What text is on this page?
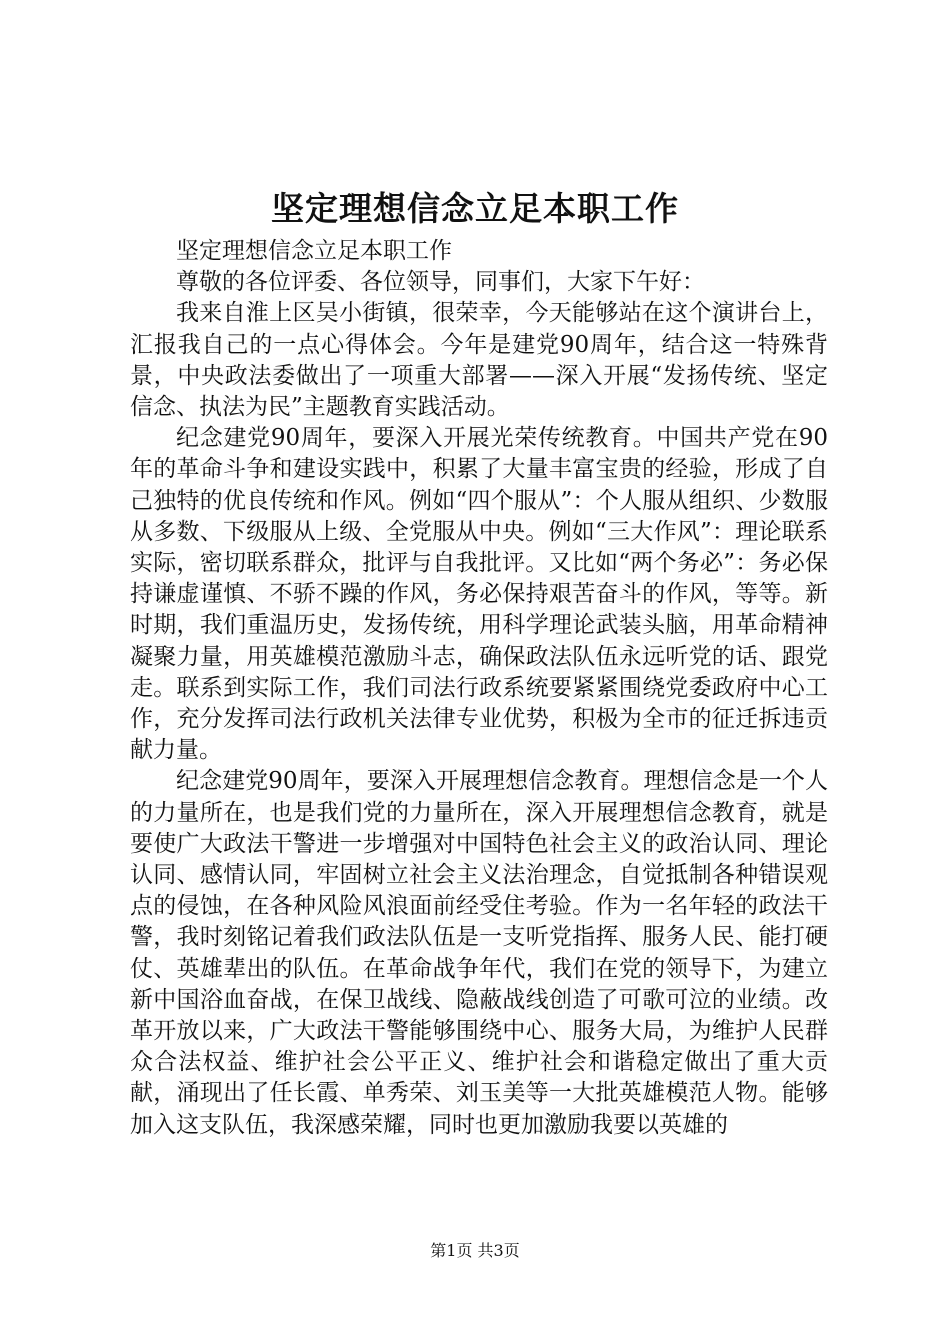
坚定理想信念立足本职工作

坚定理想信念立足本职工作

尊敬的各位评委、各位领导，同事们，大家下午好：

我来自淮上区吴小街镇，很荣幸，今天能够站在这个演讲台上，汇报我自己的一点心得体会。今年是建党90周年，结合这一特殊背景，中央政法委做出了一项重大部署——深入开展“发扬传统、坚定信念、执法为民”主题教育实践活动。

纪念建党90周年，要深入开展光荣传统教育。中国共产党在90年的革命斗争和建设实践中，积累了大量丰富宝贵的经验，形成了自己独特的优良传统和作风。例如“四个服从”：个人服从组织、少数服从多数、下级服从上级、全党服从中央。例如“三大作风”：理论联系实际，密切联系群众，批评与自我批评。又比如“两个务必”：务必保持谦虚谨慎、不骄不躁的作风，务必保持艰苦奋斗的作风，等等。新时期，我们重温历史，发扬传统，用科学理论武装头脑，用革命精神凝聚力量，用英雄模范激励斗志，确保政法队伍永远听党的话、跟党走。联系到实际工作，我们司法行政系统要紧紧围绕党委政府中心工作，充分发挥司法行政机关法律专业优势，积极为全市的征迁拆违贡献力量。

纪念建党90周年，要深入开展理想信念教育。理想信念是一个人的力量所在，也是我们党的力量所在，深入开展理想信念教育，就是要使广大政法干警进一步增强对中国特色社会主义的政治认同、理论认同、感情认同，牢固树立社会主义法治理念，自觉抵制各种错误观点的侵蚀，在各种风险风浪面前经受住考验。作为一名年轻的政法干警，我时刻铭记着我们政法队伍是一支听党指挥、服务人民、能打硬仗、英雄辈出的队伍。在革命战争年代，我们在党的领导下，为建立新中国浴血奋战，在保卫战线、隐蔽战线创造了可歌可泣的业绩。改革开放以来，广大政法干警能够围绕中心、服务大局，为维护人民群众合法权益、维护社会公平正义、维护社会和谐稳定做出了重大贡献，涌现出了任长霞、单秀荣、刘玉美等一大批英雄模范人物。能够加入这支队伍，我深感荣耀，同时也更加激励我要以英雄的

第1页 共3页
